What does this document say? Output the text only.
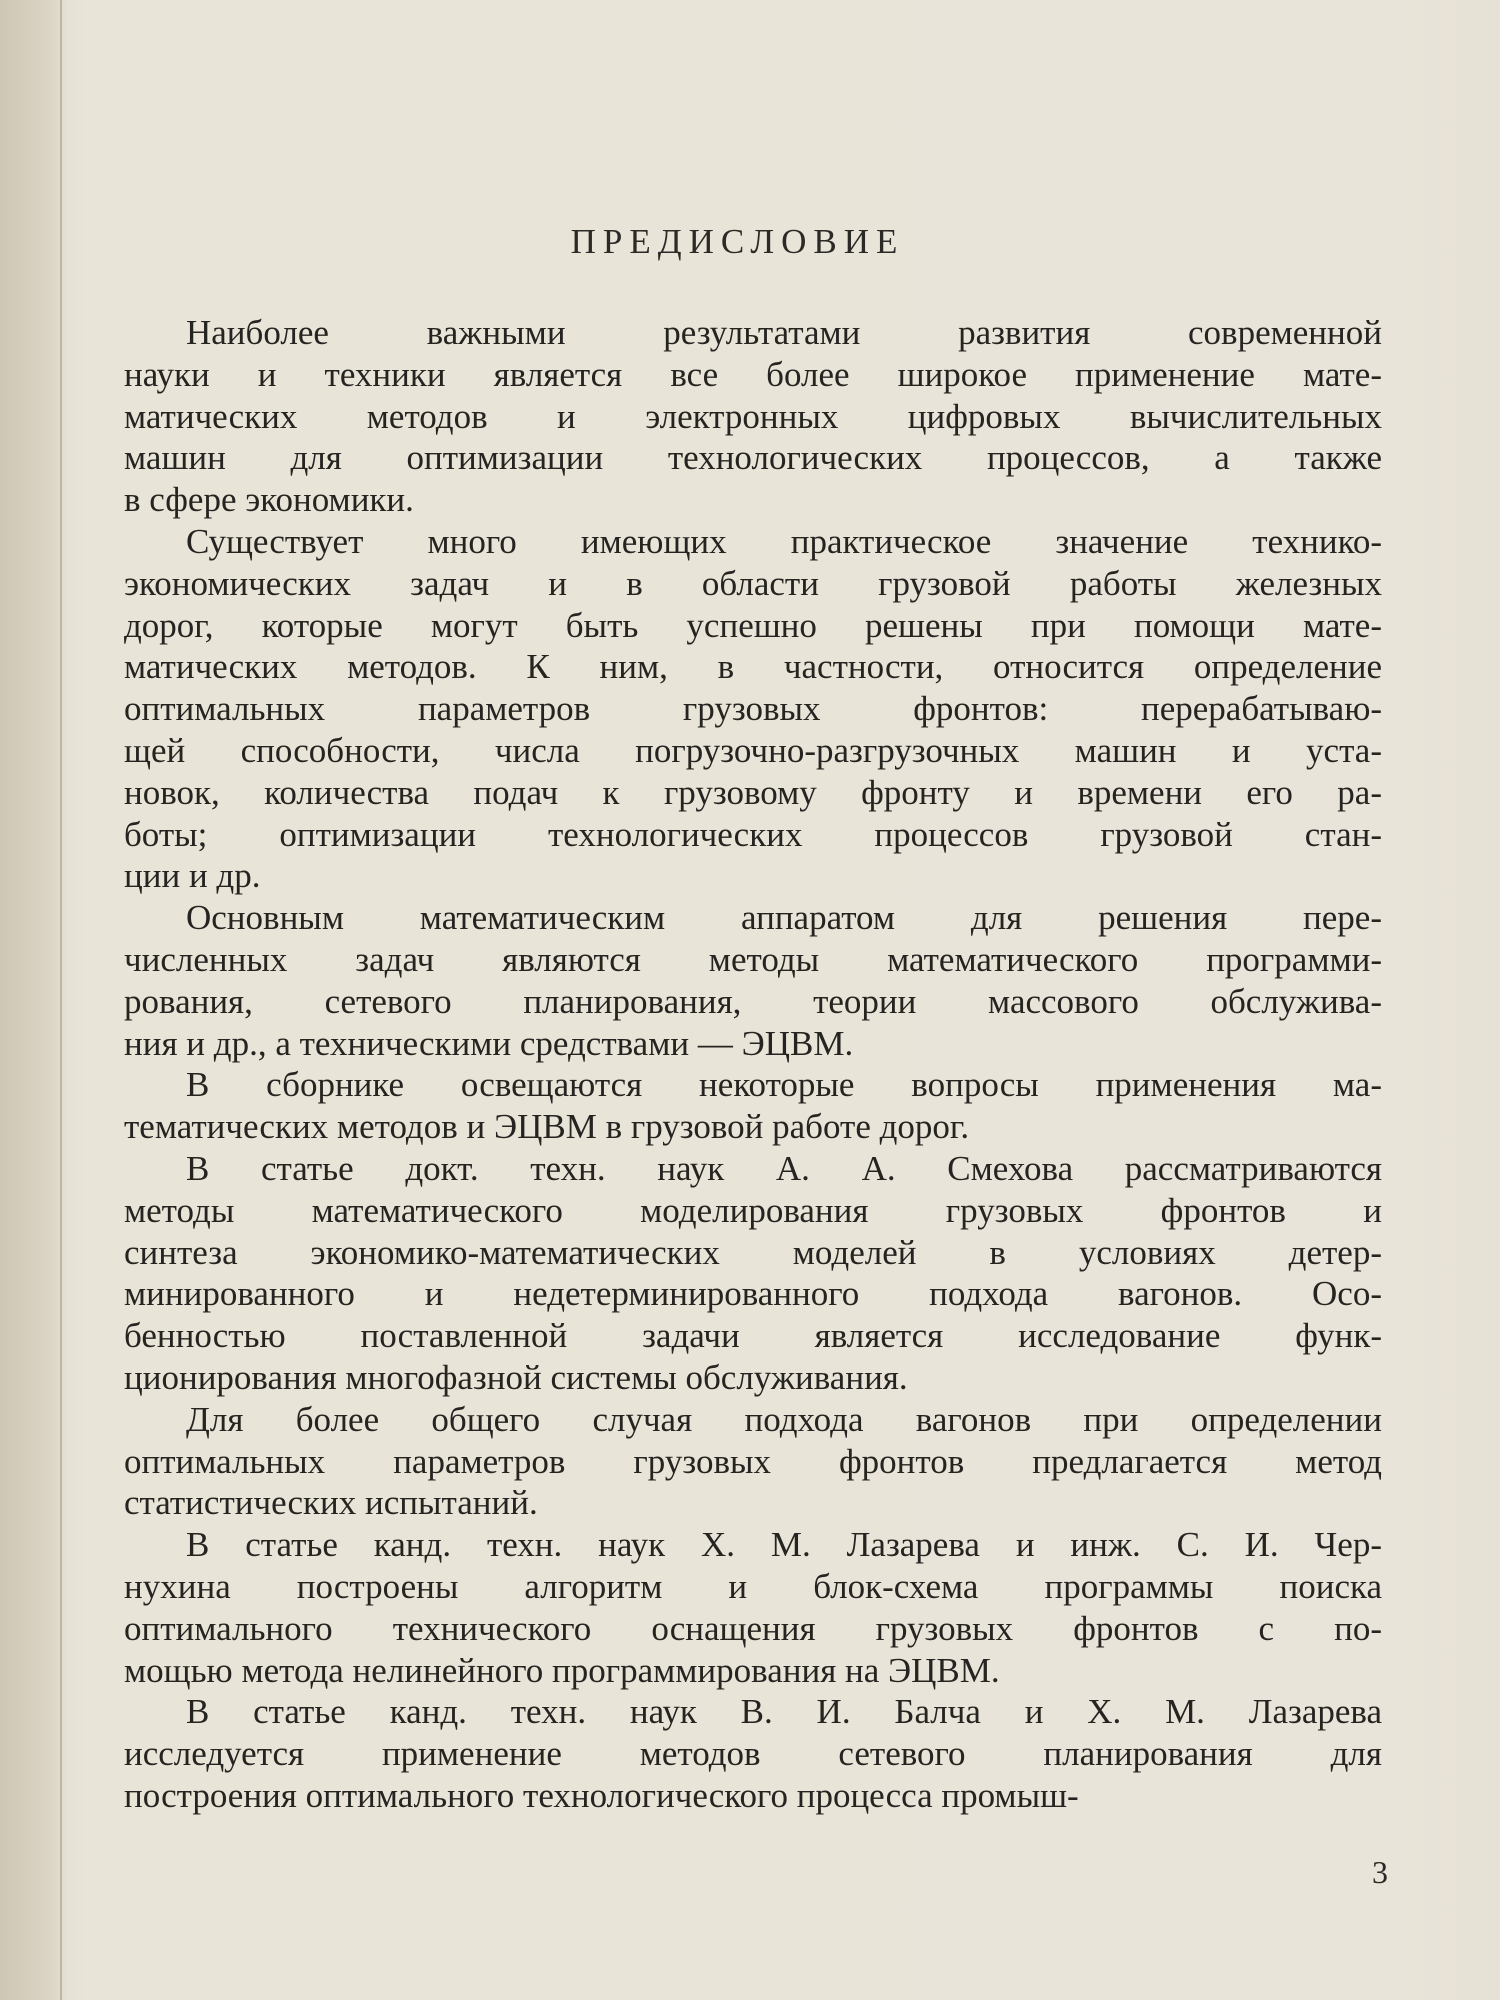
ПРЕДИСЛОВИЕ
Наиболее важными результатами развития современной
науки и техники является все более широкое применение мате-
матических методов и электронных цифровых вычислительных
машин для оптимизации технологических процессов, а также
в сфере экономики.
Существует много имеющих практическое значение технико-
экономических задач и в области грузовой работы железных
дорог, которые могут быть успешно решены при помощи мате-
матических методов. К ним, в частности, относится определение
оптимальных параметров грузовых фронтов: перерабатываю-
щей способности, числа погрузочно-разгрузочных машин и уста-
новок, количества подач к грузовому фронту и времени его ра-
боты; оптимизации технологических процессов грузовой стан-
ции и др.
Основным математическим аппаратом для решения пере-
численных задач являются методы математического программи-
рования, сетевого планирования, теории массового обслужива-
ния и др., а техническими средствами — ЭЦВМ.
В сборнике освещаются некоторые вопросы применения ма-
тематических методов и ЭЦВМ в грузовой работе дорог.
В статье докт. техн. наук А. А. Смехова рассматриваются
методы математического моделирования грузовых фронтов и
синтеза экономико-математических моделей в условиях детер-
минированного и недетерминированного подхода вагонов. Осо-
бенностью поставленной задачи является исследование функ-
ционирования многофазной системы обслуживания.
Для более общего случая подхода вагонов при определении
оптимальных параметров грузовых фронтов предлагается метод
статистических испытаний.
В статье канд. техн. наук Х. М. Лазарева и инж. С. И. Чер-
нухина построены алгоритм и блок-схема программы поиска
оптимального технического оснащения грузовых фронтов с по-
мощью метода нелинейного программирования на ЭЦВМ.
В статье канд. техн. наук В. И. Балча и Х. М. Лазарева
исследуется применение методов сетевого планирования для
построения оптимального технологического процесса промыш-
3
